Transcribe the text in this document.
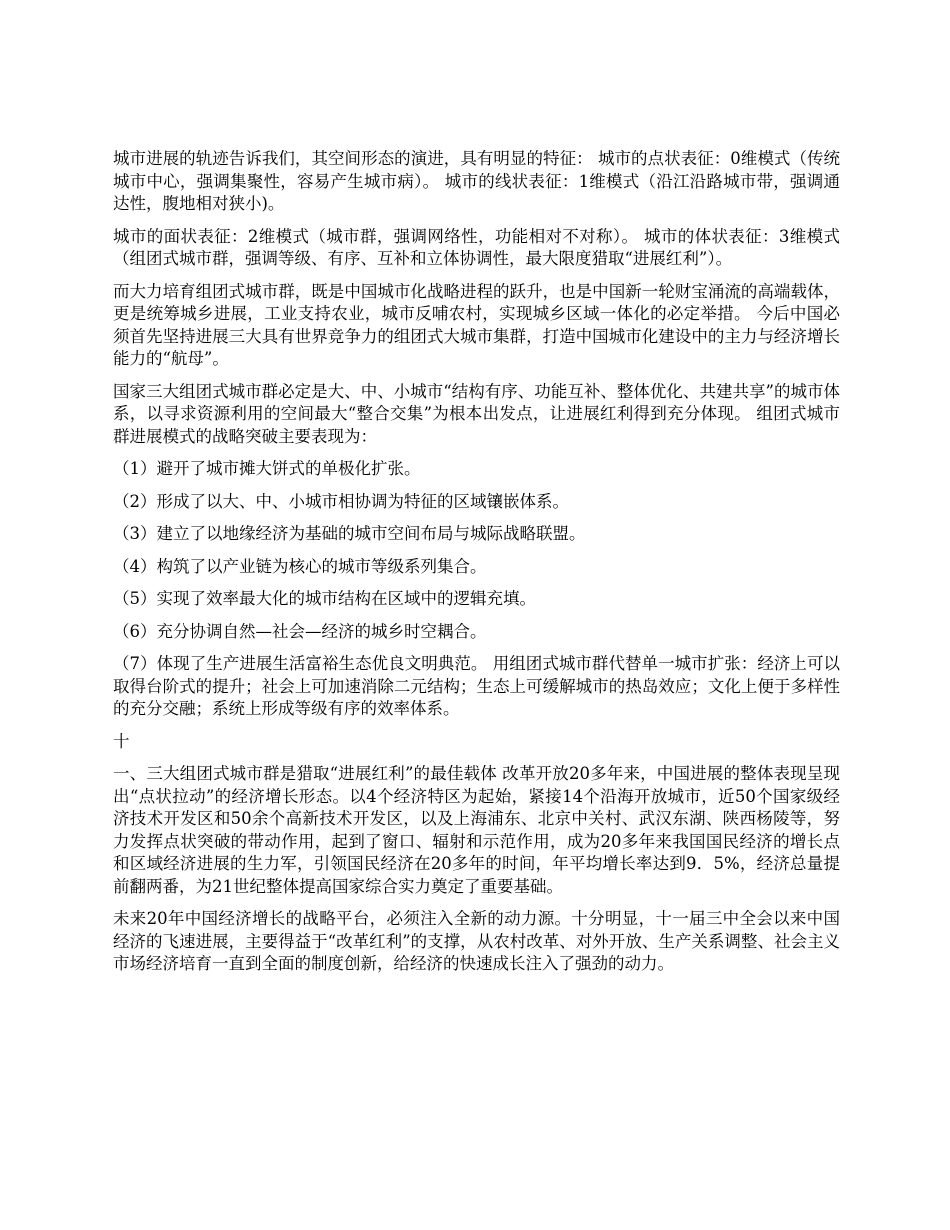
城市进展的轨迹告诉我们，其空间形态的演进，具有明显的特征： 城市的点状表征：0维模式（传统城市中心，强调集聚性，容易产生城市病）。 城市的线状表征：1维模式（沿江沿路城市带，强调通达性，腹地相对狭小)。

城市的面状表征：2维模式（城市群，强调网络性，功能相对不对称）。 城市的体状表征：3维模式（组团式城市群，强调等级、有序、互补和立体协调性，最大限度猎取“进展红利”）。

而大力培育组团式城市群，既是中国城市化战略进程的跃升，也是中国新一轮财宝涌流的高端载体，更是统筹城乡进展，工业支持农业，城市反哺农村，实现城乡区域一体化的必定举措。 今后中国必须首先坚持进展三大具有世界竞争力的组团式大城市集群，打造中国城市化建设中的主力与经济增长能力的“航母”。

国家三大组团式城市群必定是大、中、小城市“结构有序、功能互补、整体优化、共建共享”的城市体系，以寻求资源利用的空间最大“整合交集”为根本出发点，让进展红利得到充分体现。 组团式城市群进展模式的战略突破主要表现为：

（1）避开了城市摊大饼式的单极化扩张。

（2）形成了以大、中、小城市相协调为特征的区域镶嵌体系。

（3）建立了以地缘经济为基础的城市空间布局与城际战略联盟。

（4）构筑了以产业链为核心的城市等级系列集合。

（5）实现了效率最大化的城市结构在区域中的逻辑充填。

（6）充分协调自然—社会—经济的城乡时空耦合。

（7）体现了生产进展生活富裕生态优良文明典范。 用组团式城市群代替单一城市扩张：经济上可以取得台阶式的提升；社会上可加速消除二元结构；生态上可缓解城市的热岛效应；文化上便于多样性的充分交融；系统上形成等级有序的效率体系。

十

一、三大组团式城市群是猎取“进展红利”的最佳载体 改革开放20多年来，中国进展的整体表现呈现出“点状拉动”的经济增长形态。以4个经济特区为起始，紧接14个沿海开放城市，近50个国家级经济技术开发区和50余个高新技术开发区，以及上海浦东、北京中关村、武汉东湖、陕西杨陵等，努力发挥点状突破的带动作用，起到了窗口、辐射和示范作用，成为20多年来我国国民经济的增长点和区域经济进展的生力军，引领国民经济在20多年的时间，年平均增长率达到9．5%，经济总量提前翻两番，为21世纪整体提高国家综合实力奠定了重要基础。

未来20年中国经济增长的战略平台，必须注入全新的动力源。十分明显，十一届三中全会以来中国经济的飞速进展，主要得益于“改革红利”的支撑，从农村改革、对外开放、生产关系调整、社会主义市场经济培育一直到全面的制度创新，给经济的快速成长注入了强劲的动力。
